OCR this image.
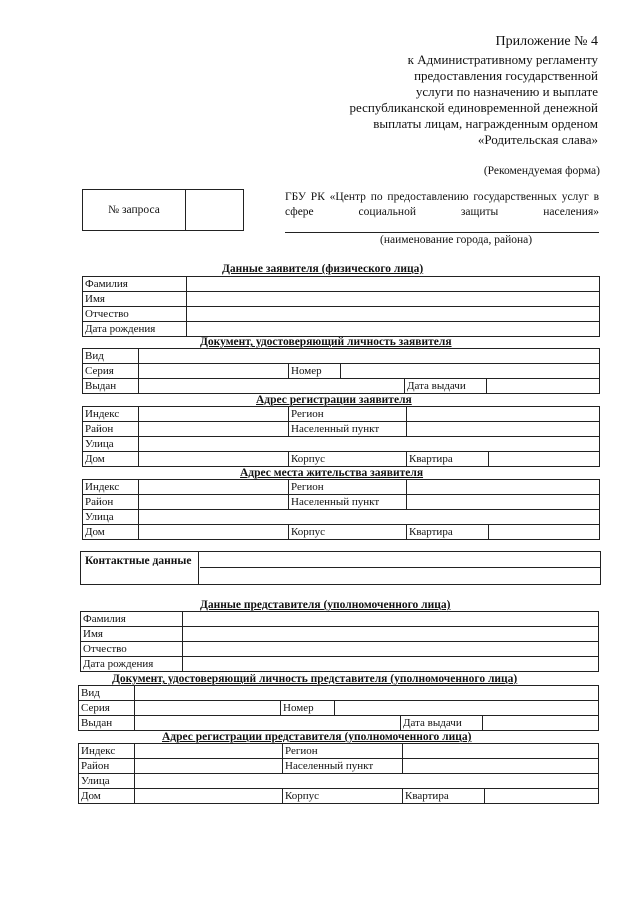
Приложение № 4
к Административному регламенту
предоставления государственной
услуги по назначению и выплате
республиканской единовременной денежной
выплаты лицам, награжденным орденом
«Родительская слава»
(Рекомендуемая форма)
№ запроса
ГБУ РК «Центр по предоставлению государственных услуг в сфере социальной защиты населения»
(наименование города, района)
Данные заявителя (физического лица)
Фамилия	
Имя	
Отчество	
Дата рождения	
Документ, удостоверяющий личность заявителя
Вид					
Серия		Номер			
Выдан				Дата выдачи	
Адрес регистрации заявителя
Индекс		Регион		
Район		Населенный пункт		
Улица				
Дом		Корпус	Квартира	
Адрес места жительства заявителя
Индекс		Регион		
Район		Населенный пункт		
Улица				
Дом		Корпус	Квартира	
Контактные данные
Данные представителя (уполномоченного лица)
Фамилия	
Имя	
Отчество	
Дата рождения	
Документ, удостоверяющий личность представителя (уполномоченного лица)
Вид					
Серия		Номер			
Выдан				Дата выдачи	
Адрес регистрации представителя (уполномоченного лица)
Индекс		Регион		
Район		Населенный пункт		
Улица				
Дом		Корпус	Квартира	
